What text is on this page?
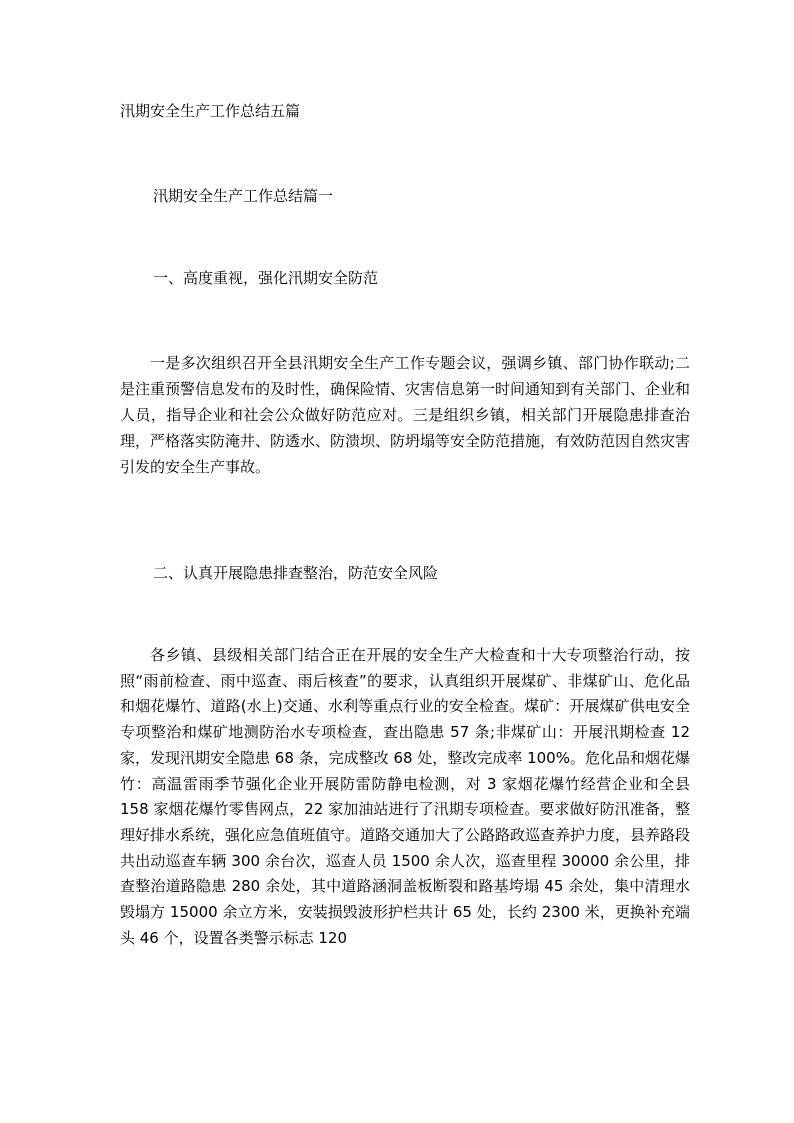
汛期安全生产工作总结五篇
汛期安全生产工作总结篇一
一、高度重视，强化汛期安全防范
一是多次组织召开全县汛期安全生产工作专题会议，强调乡镇、部门协作联动;二是注重预警信息发布的及时性，确保险情、灾害信息第一时间通知到有关部门、企业和人员，指导企业和社会公众做好防范应对。三是组织乡镇，相关部门开展隐患排查治理，严格落实防淹井、防透水、防溃坝、防坍塌等安全防范措施，有效防范因自然灾害引发的安全生产事故。
二、认真开展隐患排查整治，防范安全风险
各乡镇、县级相关部门结合正在开展的安全生产大检查和十大专项整治行动，按照“雨前检查、雨中巡查、雨后核查”的要求，认真组织开展煤矿、非煤矿山、危化品和烟花爆竹、道路(水上)交通、水利等重点行业的安全检查。煤矿：开展煤矿供电安全专项整治和煤矿地测防治水专项检查，查出隐患 57 条;非煤矿山：开展汛期检查 12 家，发现汛期安全隐患 68 条，完成整改 68 处，整改完成率 100%。危化品和烟花爆竹：高温雷雨季节强化企业开展防雷防静电检测，对 3 家烟花爆竹经营企业和全县 158 家烟花爆竹零售网点，22 家加油站进行了汛期专项检查。要求做好防汛准备，整理好排水系统，强化应急值班值守。道路交通加大了公路路政巡查养护力度，县养路段共出动巡查车辆 300 余台次，巡查人员 1500 余人次，巡查里程 30000 余公里，排查整治道路隐患 280 余处，其中道路涵洞盖板断裂和路基垮塌 45 余处，集中清理水毁塌方 15000 余立方米，安装损毁波形护栏共计 65 处，长约 2300 米，更换补充端头 46 个，设置各类警示标志 120
